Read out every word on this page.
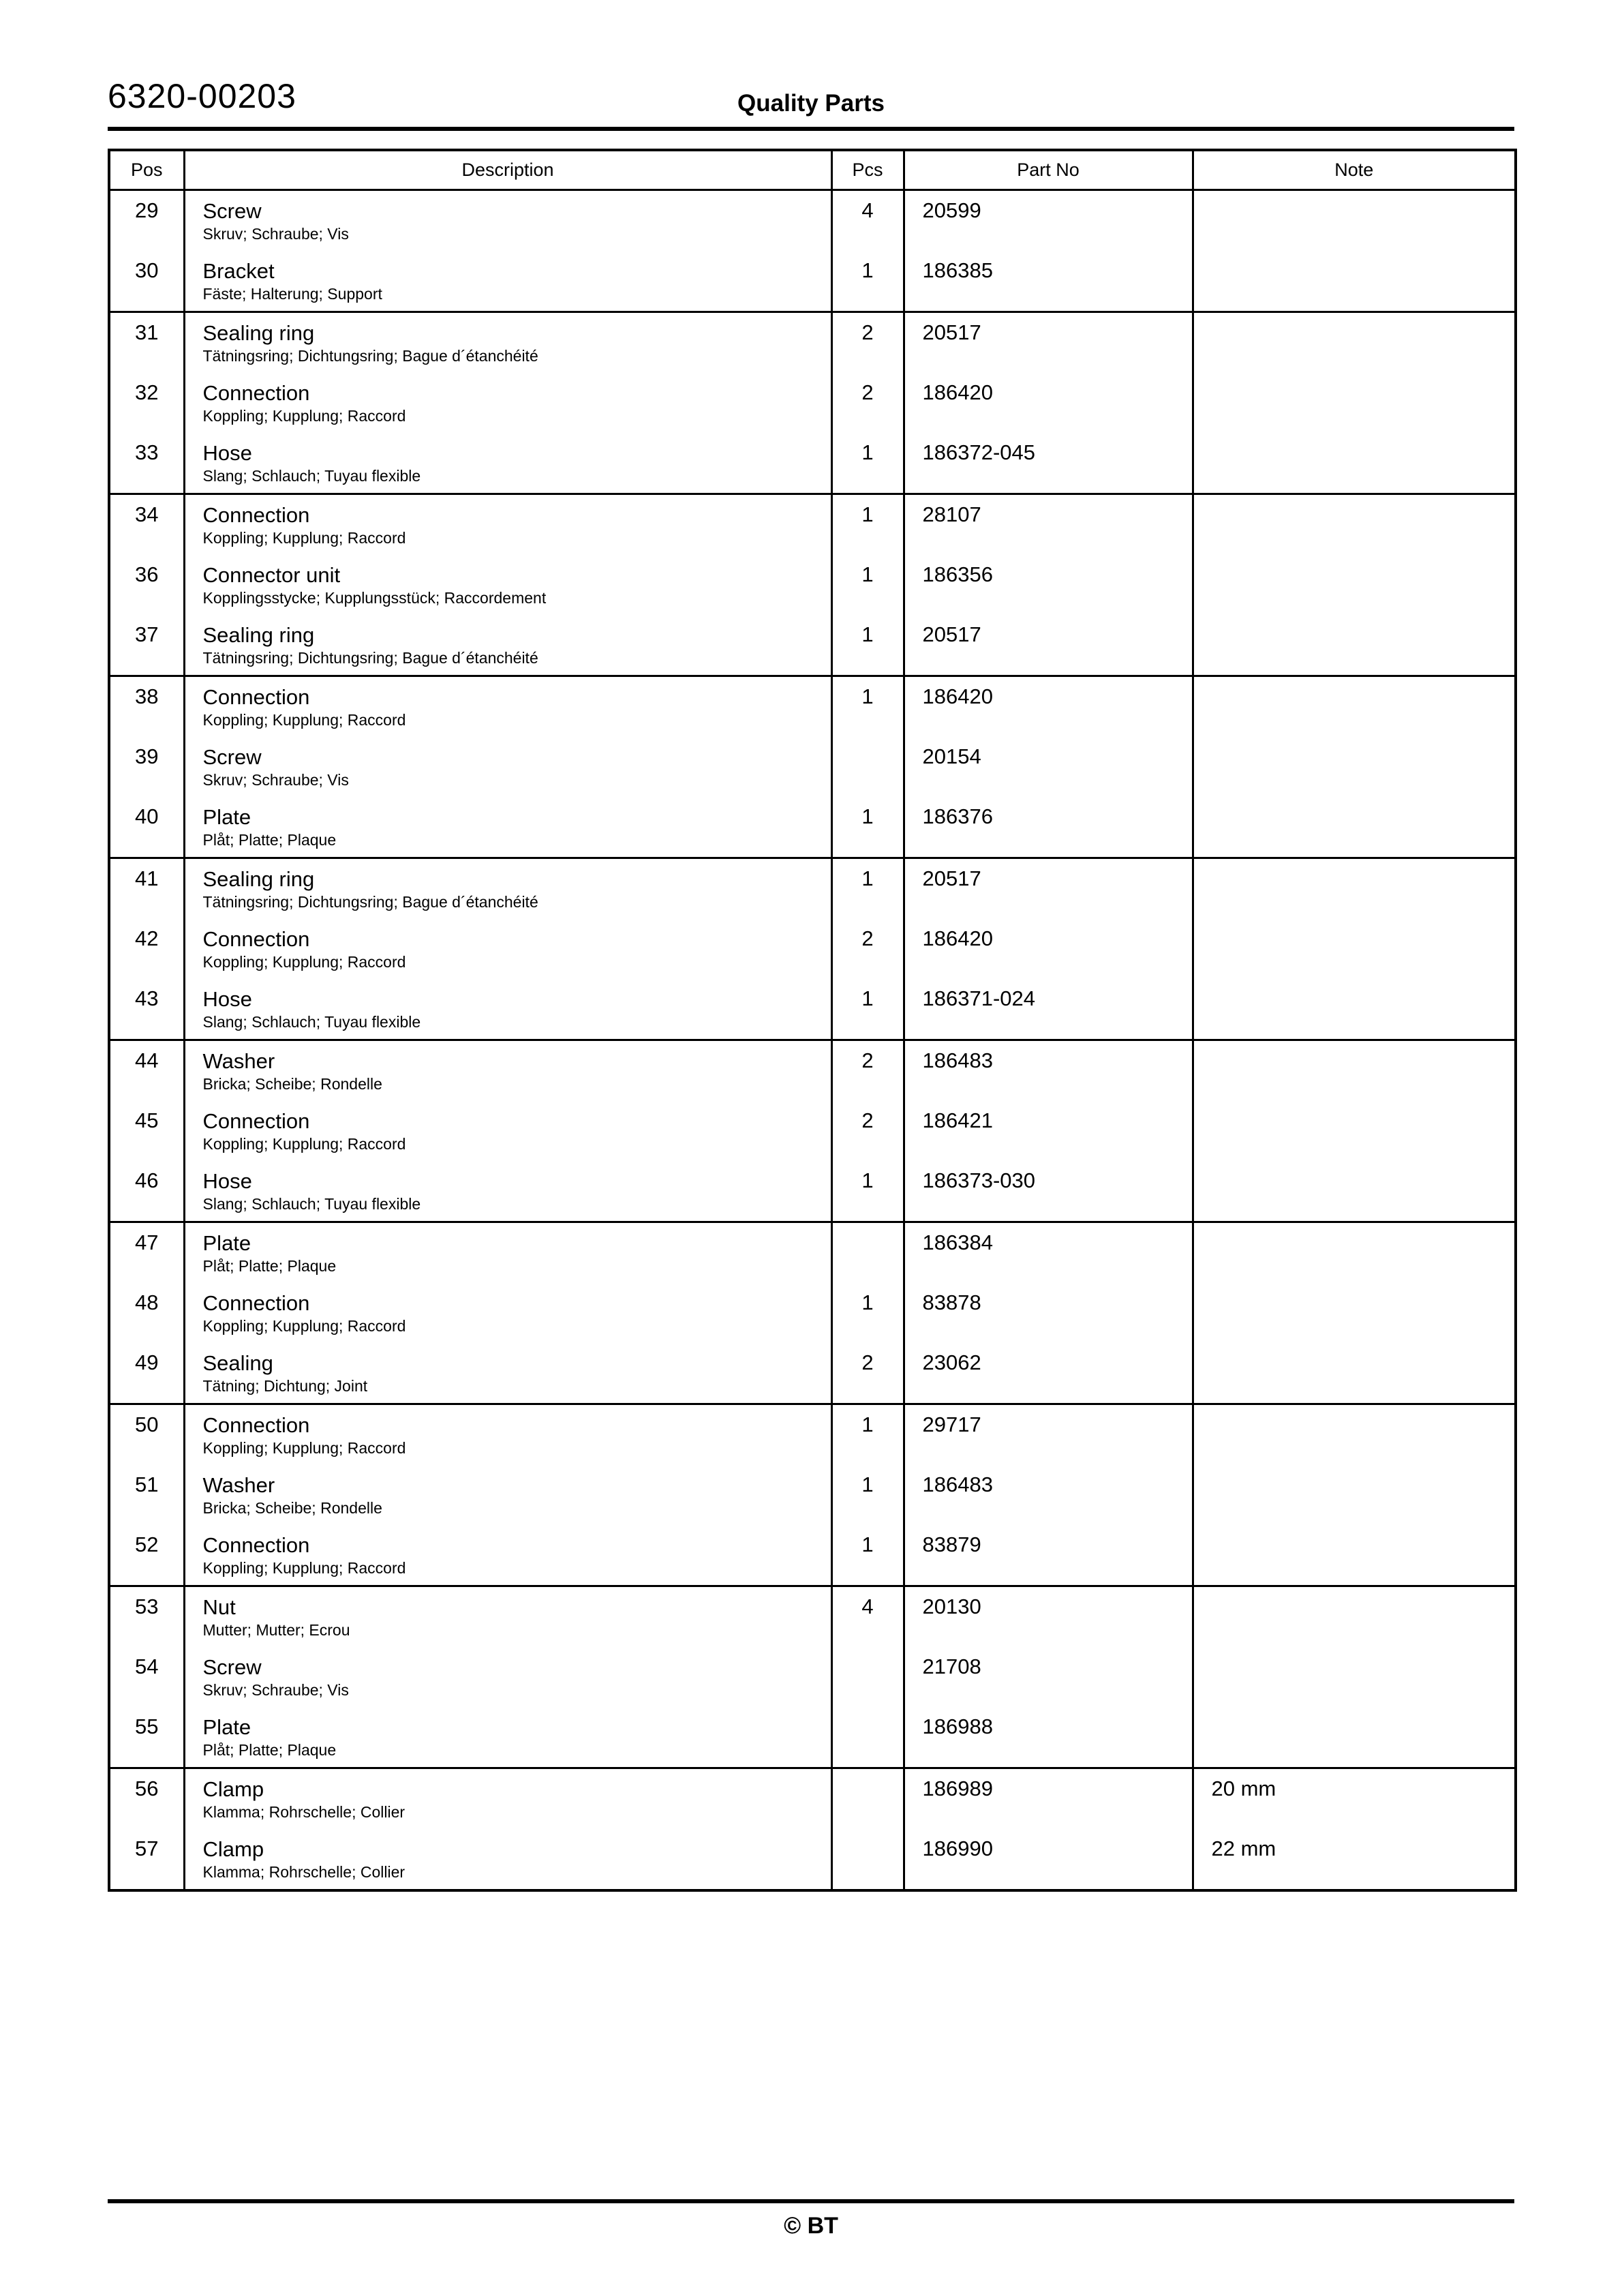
6320-00203	Quality Parts
Pos	Description	Pcs	Part No	Note
29	Screw
Skruv; Schraube; Vis	4	20599	
30	Bracket
Fäste; Halterung; Support	1	186385	
31	Sealing ring
Tätningsring; Dichtungsring; Bague d´étanchéité	2	20517	
32	Connection
Koppling; Kupplung; Raccord	2	186420	
33	Hose
Slang; Schlauch; Tuyau flexible	1	186372-045	
34	Connection
Koppling; Kupplung; Raccord	1	28107	
36	Connector unit
Kopplingsstycke; Kupplungsstück; Raccordement	1	186356	
37	Sealing ring
Tätningsring; Dichtungsring; Bague d´étanchéité	1	20517	
38	Connection
Koppling; Kupplung; Raccord	1	186420	
39	Screw
Skruv; Schraube; Vis		20154	
40	Plate
Plåt; Platte; Plaque	1	186376	
41	Sealing ring
Tätningsring; Dichtungsring; Bague d´étanchéité	1	20517	
42	Connection
Koppling; Kupplung; Raccord	2	186420	
43	Hose
Slang; Schlauch; Tuyau flexible	1	186371-024	
44	Washer
Bricka; Scheibe; Rondelle	2	186483	
45	Connection
Koppling; Kupplung; Raccord	2	186421	
46	Hose
Slang; Schlauch; Tuyau flexible	1	186373-030	
47	Plate
Plåt; Platte; Plaque		186384	
48	Connection
Koppling; Kupplung; Raccord	1	83878	
49	Sealing
Tätning; Dichtung; Joint	2	23062	
50	Connection
Koppling; Kupplung; Raccord	1	29717	
51	Washer
Bricka; Scheibe; Rondelle	1	186483	
52	Connection
Koppling; Kupplung; Raccord	1	83879	
53	Nut
Mutter; Mutter; Ecrou	4	20130	
54	Screw
Skruv; Schraube; Vis		21708	
55	Plate
Plåt; Platte; Plaque		186988	
56	Clamp
Klamma; Rohrschelle; Collier		186989	20 mm
57	Clamp
Klamma; Rohrschelle; Collier		186990	22 mm
© BT
